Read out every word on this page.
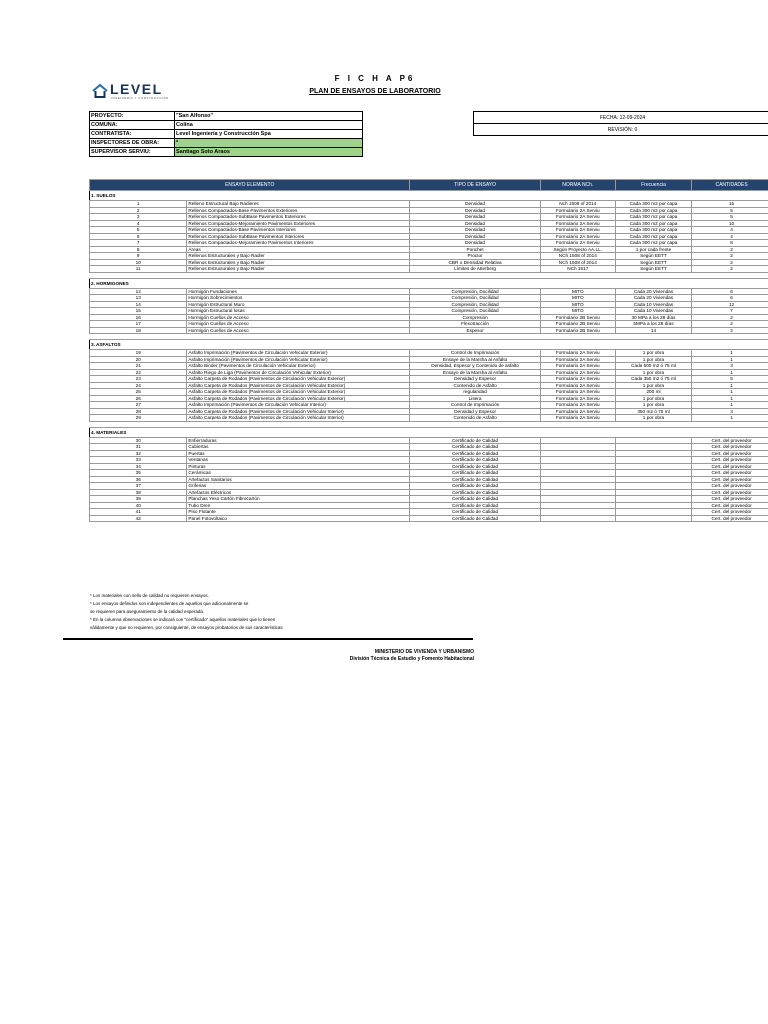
LEVEL
INGENIERÍA Y CONSTRUCCIÓN
F I C H A P6
PLAN DE ENSAYOS DE LABORATORIO
PROYECTO:	"San Alfonso"
COMUNA:	Colina
CONTRATISTA:	Level Ingeniería y Construcción Spa
INSPECTORES DE OBRA:	*
SUPERVISOR SERVIU:	Santiago Soto Araos
FECHA: 12-09-2024
REVISIÓN: 0
ENSAYO ELEMENTO		TIPO DE ENSAYO	NORMA NCh.	Frecuencia	CANTIDADES
1. SUELOS					
1	Relleno Estructural Bajo Radieres	Densidad	Nch 1508 of 2014	Cada 300 m2 por capa	15
2	Rellenos Compactados-Base Pavimentos Exteriores	Densidad	Formulario 2A Serviu	Cada 300 m2 por capa	5
3	Rellenos Compactados-SubBase Pavimentos Exteriores	Densidad	Formulario 2A Serviu	Cada 300 m2 por capa	5
4	Rellenos Compactados-Mejoramiento Pavimentos Exteriores	Densidad	Formulario 2A Serviu	Cada 300 m2 por capa	10
5	Rellenos Compactados-Base Pavimentos Interiores	Densidad	Formulario 2A Serviu	Cada 300 m2 por capa	4
6	Rellenos Compactados-SubBase Pavimentos Interiores	Densidad	Formulario 2A Serviu	Cada 300 m2 por capa	4
7	Rellenos Compactados-Mejoramiento Pavimentos Interiores	Densidad	Formulario 2A Serviu	Cada 300 m2 por capa	8
8	Áreas	Ponchet	Según Proyecto AA.LL.	1 por cada frente	2
9	Rellenos Estructurales y Bajo Radier	Proctor	NCh 1508 of 2014	Según EETT	2
10	Rellenos Estructurales y Bajo Radier	CBR o Densidad Relativa	NCh 1508 of 2014	Según EETT	2
11	Rellenos Estructurales y Bajo Radier	Límites de Atterberg	NCh 1517	Según EETT	2

2. HORMIGONES					
12	Hormigón Fundaciones	Compresión, Docilidad	MITO	Cada 20 Viviendas	6
13	Hormigón Sobrecimientos	Compresión, Docilidad	MITO	Cada 20 Viviendas	6
14	Hormigón Estructural Muro	Compresión, Docilidad	MITO	Cada 10 Viviendas	12
15	Hormigón Estructural losas	Compresión, Docilidad	MITO	Cada 10 Viviendas	7
16	Hormigón Cuellos de Acceso	Compresión	Formulario 2B Serviu	30 MPa a los 28 días	2
17	Hormigón Cuellos de Acceso	Flexotracción	Formulario 2B Serviu	5MPa a los 28 días	2
18	Hormigón Cuellos de Acceso	Espesor	Formulario 2B Serviu	14	2

3. ASFALTOS					
19	Asfalto Imprimación (Pavimentos de Circulación Vehicular Exterior)	Control de Imprimación	Formulario 2A Serviu	1 por obra	1
20	Asfalto Imprimación (Pavimentos de Circulación Vehicular Exterior)	Ensaye de la Marsha al Asfalto	Formulario 2A Serviu	1 por obra	1
21	Asfalto Binder (Pavimentos de Circulación Vehicular Exterior)	Densidad, Espesor y Contenido de asfalto	Formulario 2A Serviu	Cada 500 m2 ó 75 ml	3
22	Asfalto Riego de Liga (Pavimentos de Circulación Vehicular Exterior)	Ensayo de la Marsha al Asfalto	Formulario 2A Serviu	1 por obra	1
23	Asfalto Carpeta de Rodados (Pavimentos de Circulación Vehicular Exterior)	Densidad y Espesor	Formulario 2A Serviu	Cada 350 m2 ó 75 ml	5
24	Asfalto Carpeta de Rodados (Pavimentos de Circulación Vehicular Exterior)	Contenido de Asfalto	Formulario 2A Serviu	1 por obra	1
25	Asfalto Carpeta de Rodados (Pavimentos de Circulación Vehicular Exterior)	regularidad	Formulario 2A Serviu	200 ml	1
26	Asfalto Carpeta de Rodados (Pavimentos de Circulación Vehicular Exterior)	Lisera	Formulario 2A Serviu	1 por obra	1
27	Asfalto Imprimación (Pavimentos de Circulación Vehicular Interior)	Control de Imprimación	Formulario 2A Serviu	1 por obra	1
28	Asfalto Carpeta de Rodados (Pavimentos de Circulación Vehicular Interior)	Densidad y Espesor	Formulario 2A Serviu	350 m2 ó 75 ml	3
29	Asfalto Carpeta de Rodados (Pavimentos de Circulación Vehicular Interior)	Contenido de Asfalto	Formulario 2A Serviu	1 por obra	1

4. MATERIALES					
30	Enfierraduras	Certificado de Calidad			Cert. del proveedor
31	Cubiertas	Certificado de Calidad			Cert. del proveedor
32	Puertas	Certificado de Calidad			Cert. del proveedor
33	Ventanas	Certificado de Calidad			Cert. del proveedor
34	Pinturas	Certificado de Calidad			Cert. del proveedor
35	Cerámicas	Certificado de Calidad			Cert. del proveedor
36	Artefactos Sanitarios	Certificado de Calidad			Cert. del proveedor
37	Griferias	Certificado de Calidad			Cert. del proveedor
38	Artefactos Eléctricos	Certificado de Calidad			Cert. del proveedor
39	Planchas Yeso Cartón Fibrocartón	Certificado de Calidad			Cert. del proveedor
40	Tubo Dren	Certificado de Calidad			Cert. del proveedor
41	Piso Flotante	Certificado de Calidad			Cert. del proveedor
42	Panel Fotovoltaico	Certificado de Calidad			Cert. del proveedor
* Los materiales con sello de calidad no requieren ensayos.
* Los ensayos definidos son independientes de aquellos que adicionalmente se
se requieren para aseguramiento de la calidad esperada.
* En la columna observaciones se indicará con "certificado" aquellos materiales que lo tienen
válidamente y que no requieren, por consiguiente, de ensayos probatorios de sus características
MINISTERIO DE VIVIENDA Y URBANISMO
División Técnica de Estudio y Fomento Habitacional
